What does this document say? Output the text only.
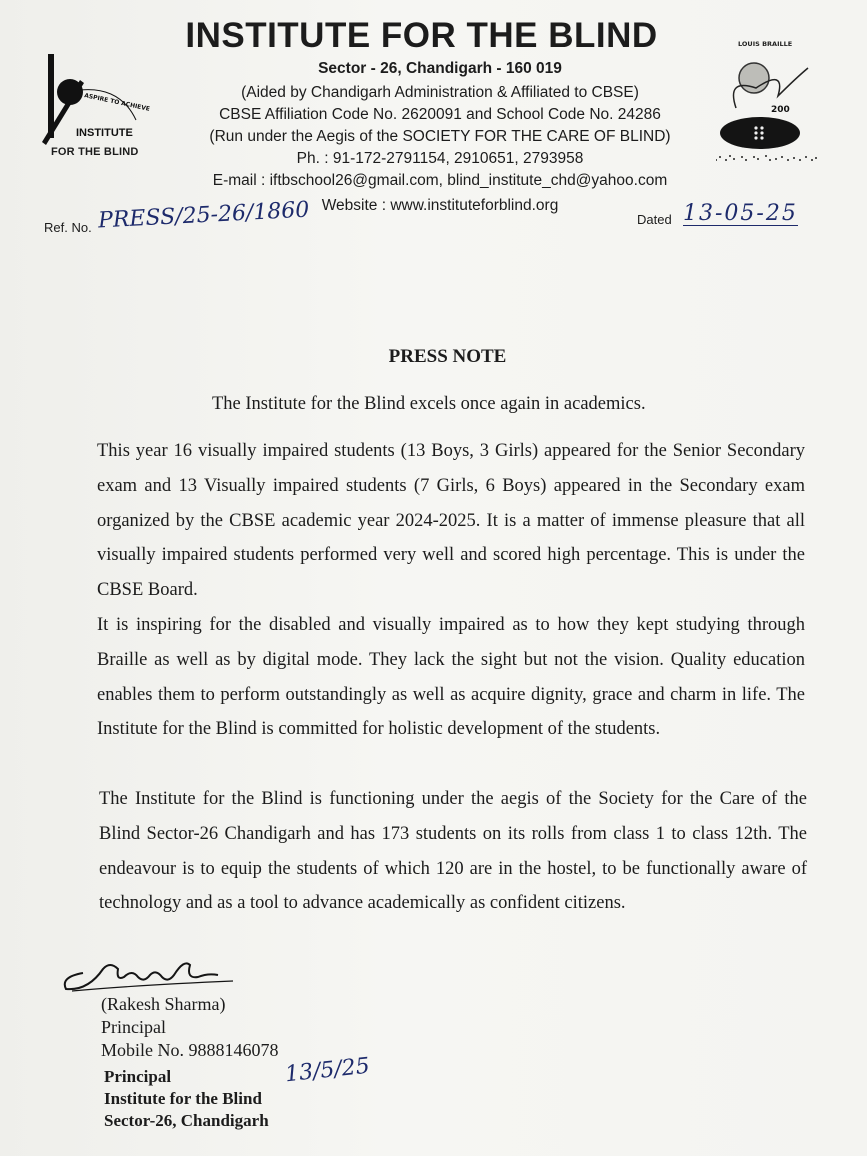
ASPIRE TO ACHIEVE
INSTITUTE
FOR THE BLIND
INSTITUTE FOR THE BLIND
Sector - 26, Chandigarh - 160 019
(Aided by Chandigarh Administration & Affiliated to CBSE)
CBSE Affiliation Code No. 2620091 and School Code No. 24286
(Run under the Aegis of the SOCIETY FOR THE CARE OF BLIND)
Ph. : 91-172-2791154, 2910651, 2793958
E-mail : iftbschool26@gmail.com, blind_institute_chd@yahoo.com
Website : www.instituteforblind.org
LOUIS BRAILLE
200
Ref. No. PRESS/25-26/1860	Dated 13-05-25
PRESS NOTE
The Institute for the Blind excels once again in academics.
This year 16 visually impaired students (13 Boys, 3 Girls) appeared for the Senior Secondary exam and 13 Visually impaired students (7 Girls, 6 Boys) appeared in the Secondary exam organized by the CBSE academic year 2024-2025. It is a matter of immense pleasure that all visually impaired students performed very well and scored high percentage. This is under the CBSE Board.
It is inspiring for the disabled and visually impaired as to how they kept studying through Braille as well as by digital mode. They lack the sight but not the vision. Quality education enables them to perform outstandingly as well as acquire dignity, grace and charm in life. The Institute for the Blind is committed for holistic development of the students.
The Institute for the Blind is functioning under the aegis of the Society for the Care of the Blind Sector-26 Chandigarh and has 173 students on its rolls from class 1 to class 12th. The endeavour is to equip the students of which 120 are in the hostel, to be functionally aware of technology and as a tool to advance academically as confident citizens.
(Rakesh Sharma)
Principal
Mobile No. 9888146078
Principal
Institute for the Blind
Sector-26, Chandigarh
13/5/25
